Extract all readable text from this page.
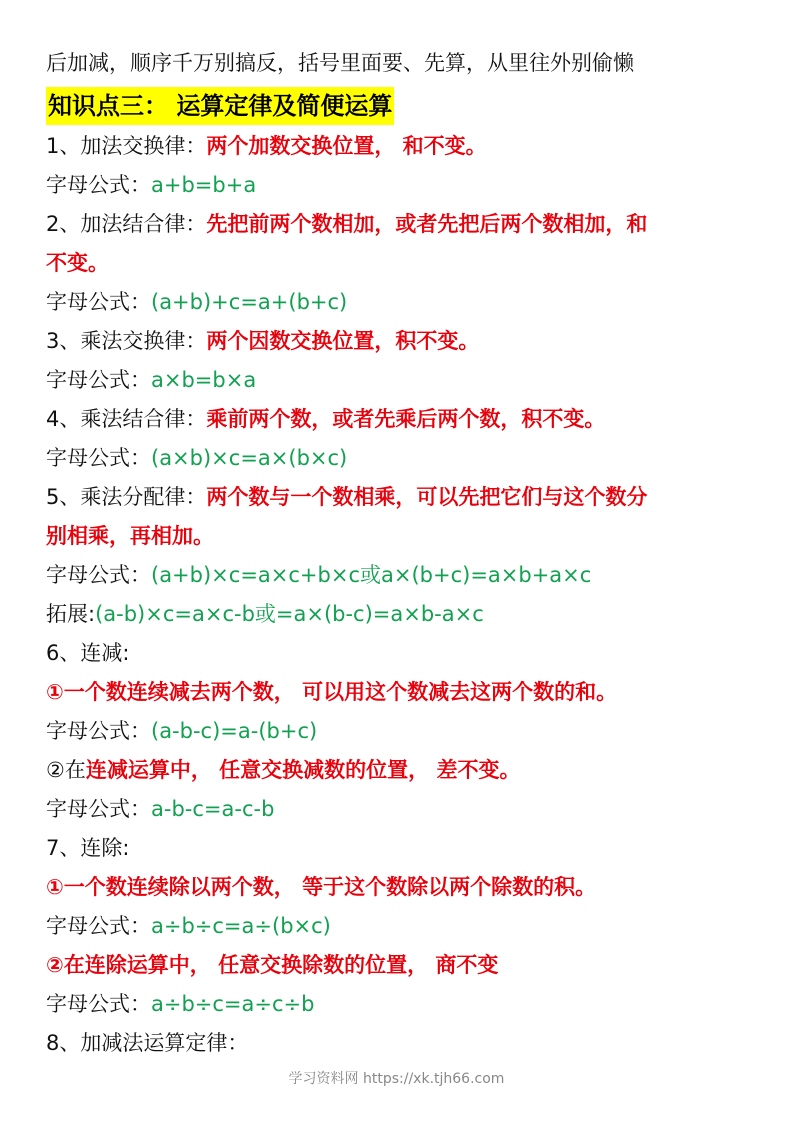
后加减，顺序千万别搞反，括号里面要、先算，从里往外别偷懒
知识点三： 运算定律及简便运算
1、加法交换律：两个加数交换位置， 和不变。
字母公式：a+b=b+a
2、加法结合律：先把前两个数相加，或者先把后两个数相加，和
不变。
字母公式：(a+b)+c=a+(b+c)
3、乘法交换律：两个因数交换位置，积不变。
字母公式：a×b=b×a
4、乘法结合律：乘前两个数，或者先乘后两个数，积不变。
字母公式：(a×b)×c=a×(b×c)
5、乘法分配律：两个数与一个数相乘，可以先把它们与这个数分
别相乘，再相加。
字母公式：(a+b)×c=a×c+b×c或a×(b+c)=a×b+a×c
拓展:(a-b)×c=a×c-b或=a×(b-c)=a×b-a×c
6、连减:
①一个数连续减去两个数， 可以用这个数减去这两个数的和。
字母公式：(a-b-c)=a-(b+c)
②在连减运算中， 任意交换减数的位置， 差不变。
字母公式：a-b-c=a-c-b
7、连除:
①一个数连续除以两个数， 等于这个数除以两个除数的积。
字母公式：a÷b÷c=a÷(b×c)
②在连除运算中， 任意交换除数的位置， 商不变
字母公式：a÷b÷c=a÷c÷b
8、加减法运算定律：
学习资料网 https://xk.tjh66.com
